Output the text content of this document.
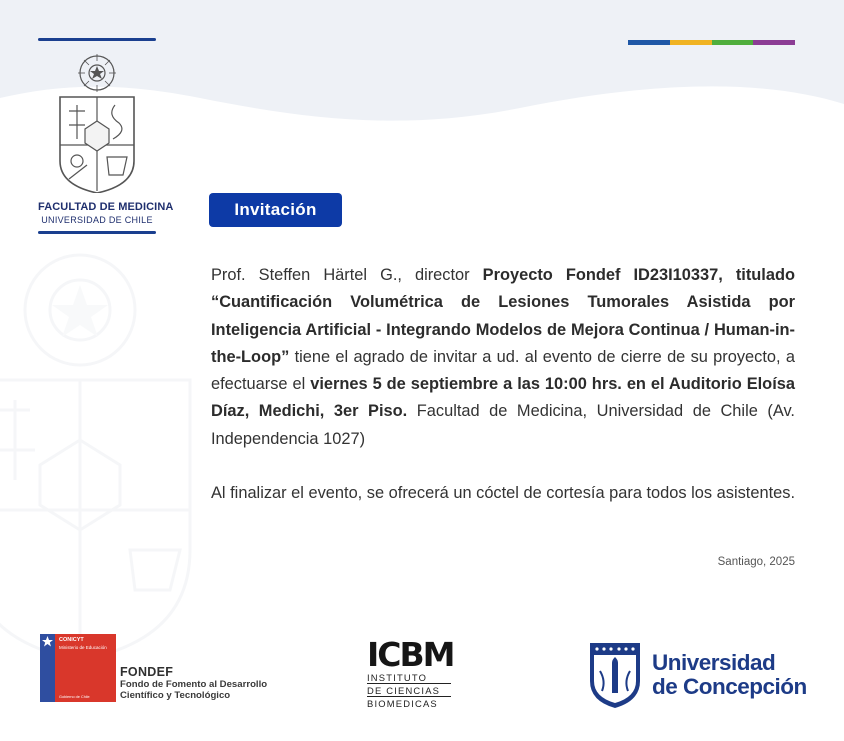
FACULTAD DE MEDICINA
UNIVERSIDAD DE CHILE
Invitación

Prof. Steffen Härtel G., director Proyecto Fondef ID23I10337, titulado “Cuantificación Volumétrica de Lesiones Tumorales Asistida por Inteligencia Artificial - Integrando Modelos de Mejora Continua / Human-in-the-Loop” tiene el agrado de invitar a ud. al evento de cierre de su proyecto, a efectuarse el viernes 5 de septiembre a las 10:00 hrs. en el Auditorio Eloísa Díaz, Medichi, 3er Piso. Facultad de Medicina, Universidad de Chile (Av. Independencia 1027)

Al finalizar el evento, se ofrecerá un cóctel de cortesía para todos los asistentes.

Santiago, 2025
CONICYT
Ministerio de Educación
Gobierno de Chile
FONDEF
Fondo de Fomento al Desarrollo
Científico y Tecnológico
ICBM
INSTITUTO
DE CIENCIAS
BIOMEDICAS
Universidad
de Concepción
